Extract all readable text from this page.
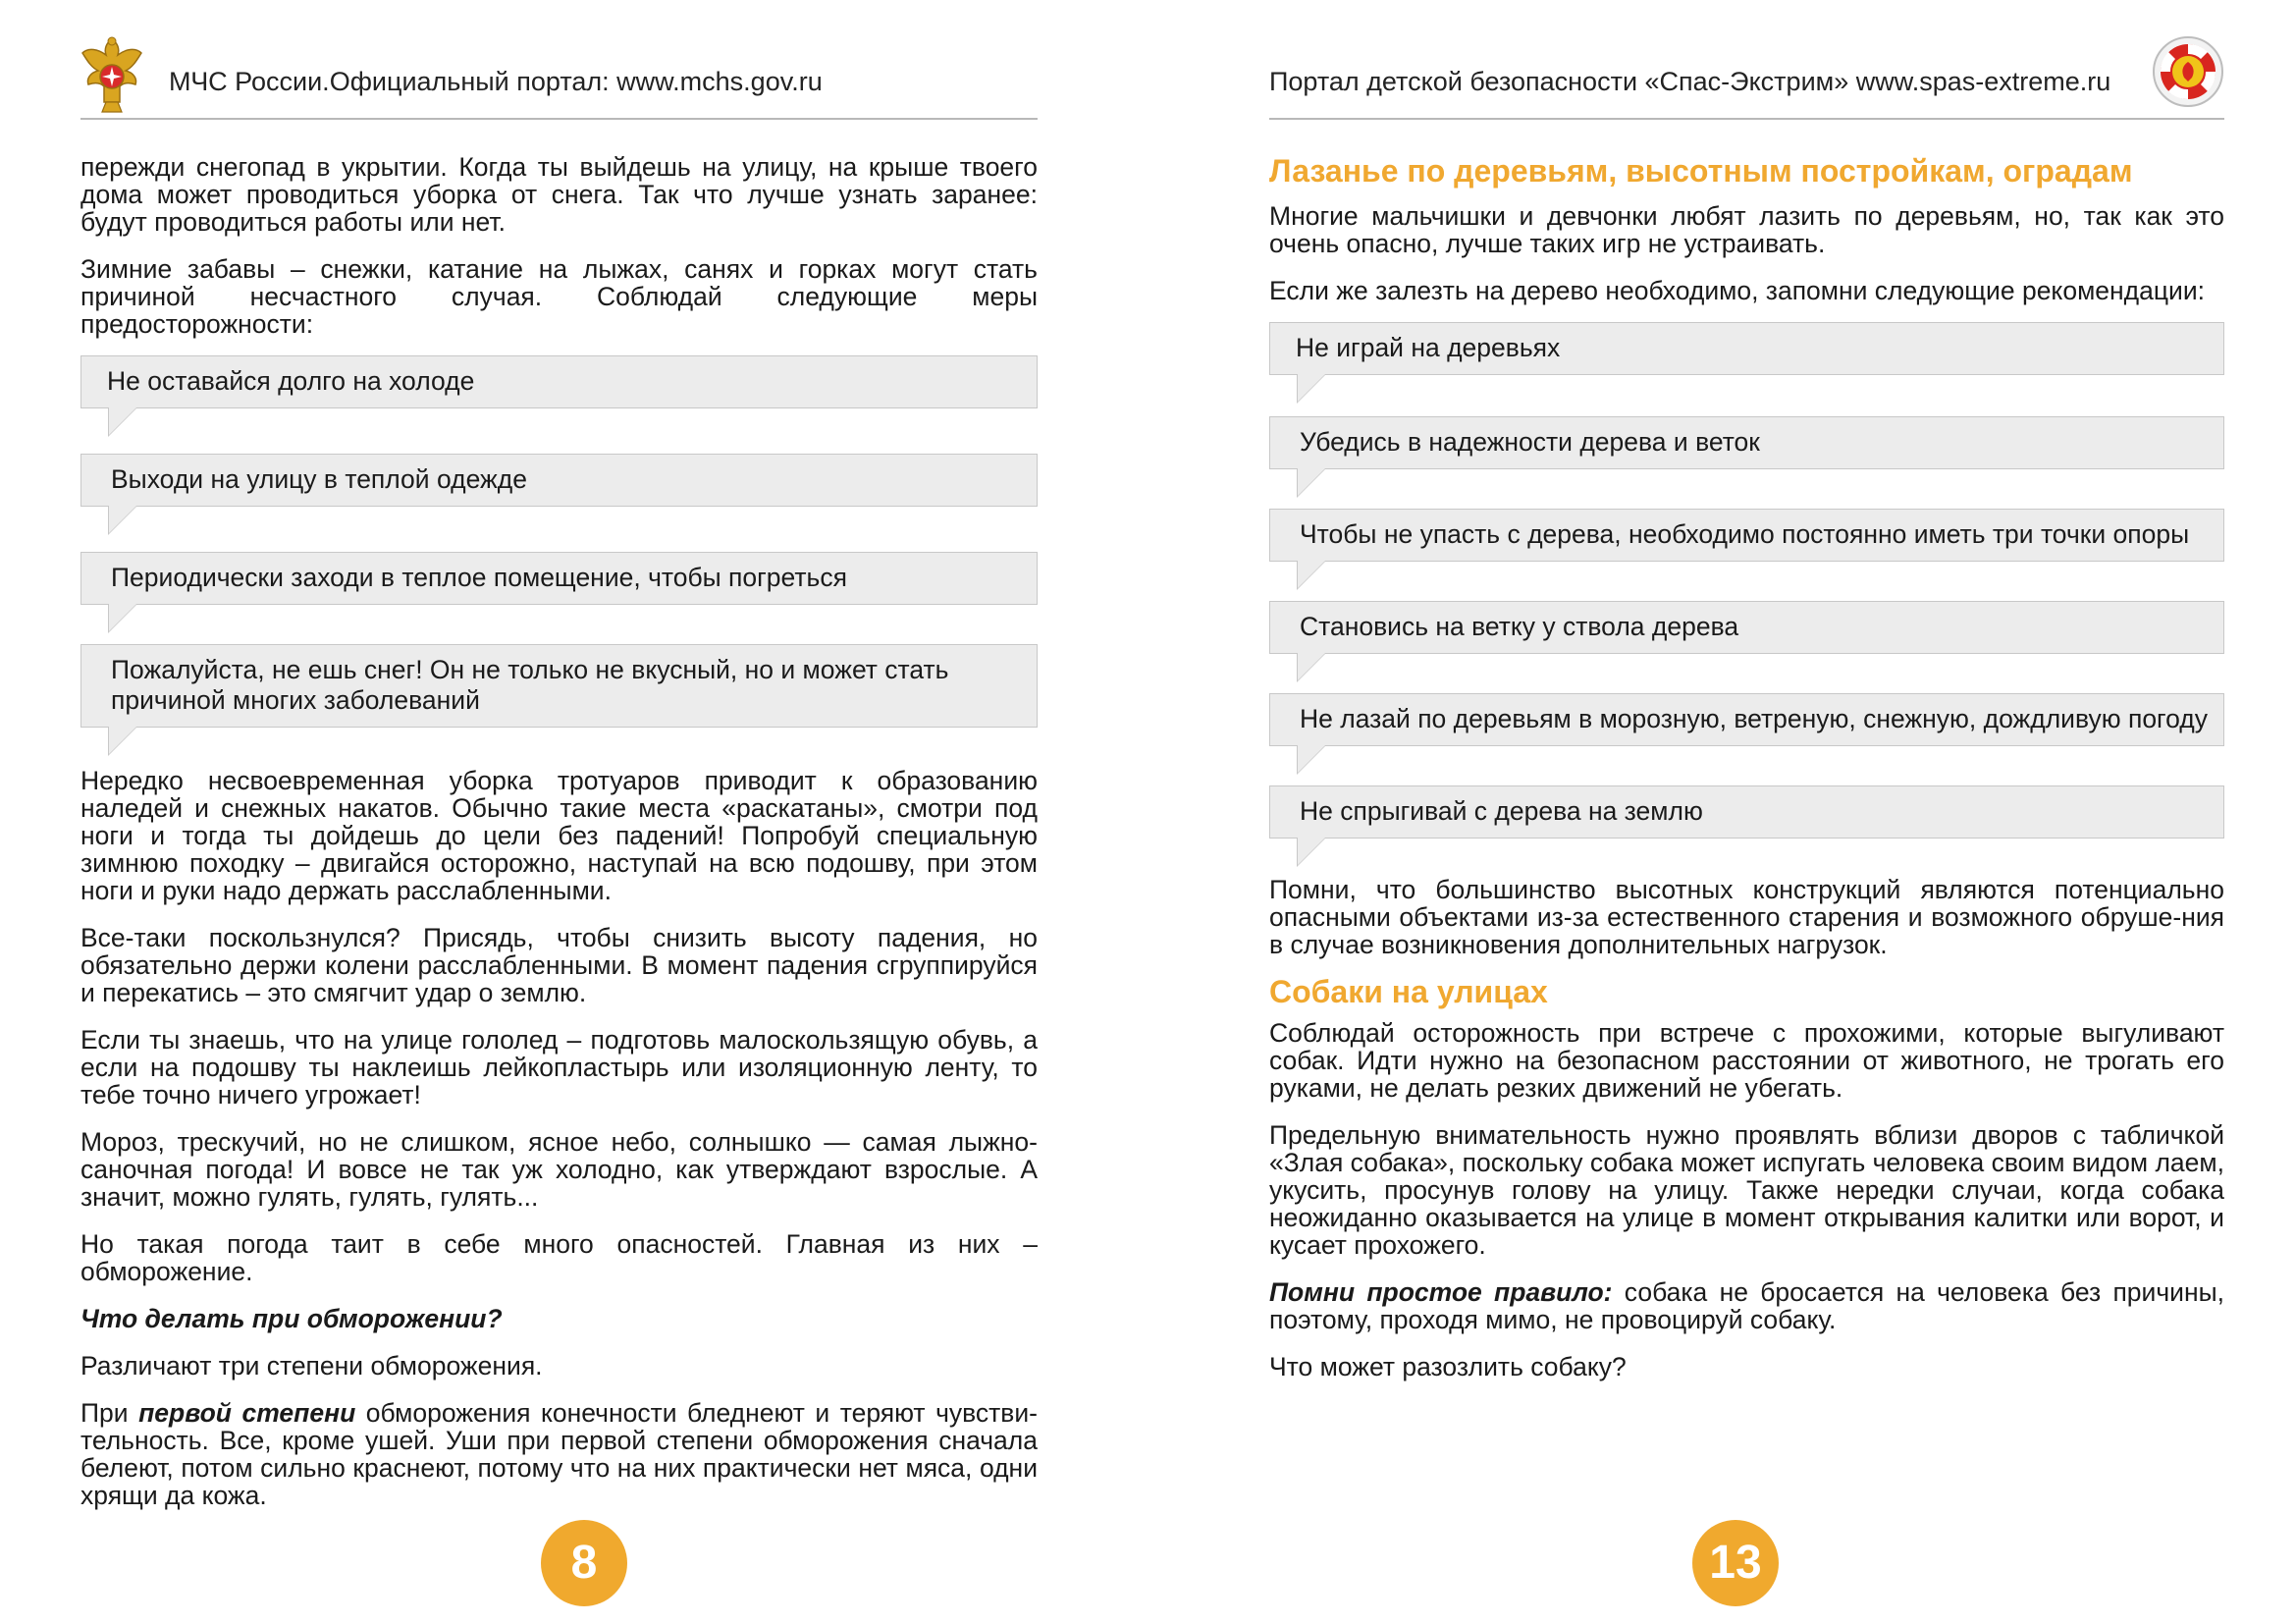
МЧС России.Официальный портал: www.mchs.gov.ru

пережди снегопад в укрытии. Когда ты выйдешь на улицу, на крыше твоего дома может проводиться уборка от снега. Так что лучше узнать заранее: будут проводиться работы или нет.

Зимние забавы – снежки, катание на лыжах, санях и горках могут стать причиной несчастного случая. Соблюдай следующие меры предосторожности:

Не оставайся долго на холоде
Выходи на улицу в теплой одежде
Периодически заходи в теплое помещение, чтобы погреться
Пожалуйста, не ешь снег! Он не только не вкусный, но и может стать причиной многих заболеваний

Нередко несвоевременная уборка тротуаров приводит к образованию наледей и снежных накатов. Обычно такие места «раскатаны», смотри под ноги и тогда ты дойдешь до цели без падений! Попробуй специальную зимнюю походку – двигайся осторожно, наступай на всю подошву, при этом ноги и руки надо держать расслабленными.

Все-таки поскользнулся? Присядь, чтобы снизить высоту падения, но обязательно держи колени расслабленными. В момент падения сгруппируйся и перекатись – это смягчит удар о землю.

Если ты знаешь, что на улице гололед – подготовь малоскользящую обувь, а если на подошву ты наклеишь лейкопластырь или изоляционную ленту, то тебе точно ничего угрожает!

Мороз, трескучий, но не слишком, ясное небо, солнышко — самая лыжно-саночная погода! И вовсе не так уж холодно, как утверждают взрослые. А значит, можно гулять, гулять, гулять...

Но такая погода таит в себе много опасностей. Главная из них – обморожение.

Что делать при обморожении?

Различают три степени обморожения.

При первой степени обморожения конечности бледнеют и теряют чувстви-тельность. Все, кроме ушей. Уши при первой степени обморожения сначала белеют, потом сильно краснеют, потому что на них практически нет мяса, одни хрящи да кожа.

8
Портал детской безопасности «Спас-Экстрим» www.spas-extreme.ru
Лазанье по деревьям, высотным постройкам, оградам

Многие мальчишки и девчонки любят лазить по деревьям, но, так как это очень опасно, лучше таких игр не устраивать.

Если же залезть на дерево необходимо, запомни следующие рекомендации:

Не играй на деревьях
Убедись в надежности дерева и веток
Чтобы не упасть с дерева, необходимо постоянно иметь три точки опоры
Становись на ветку у ствола дерева
Не лазай по деревьям в морозную, ветреную, снежную, дождливую погоду
Не спрыгивай с дерева на землю

Помни, что большинство высотных конструкций являются потенциально опасными объектами из-за естественного старения и возможного обруше-ния в случае возникновения дополнительных нагрузок.

Собаки на улицах

Соблюдай осторожность при встрече с прохожими, которые выгуливают собак. Идти нужно на безопасном расстоянии от животного, не трогать его руками, не делать резких движений не убегать.

Предельную внимательность нужно проявлять вблизи дворов с табличкой «Злая собака», поскольку собака может испугать человека своим видом лаем, укусить, просунув голову на улицу. Также нередки случаи, когда собака неожиданно оказывается на улице в момент открывания калитки или ворот, и кусает прохожего.

Помни простое правило: собака не бросается на человека без причины, поэтому, проходя мимо, не провоцируй собаку.

Что может разозлить собаку?

13
